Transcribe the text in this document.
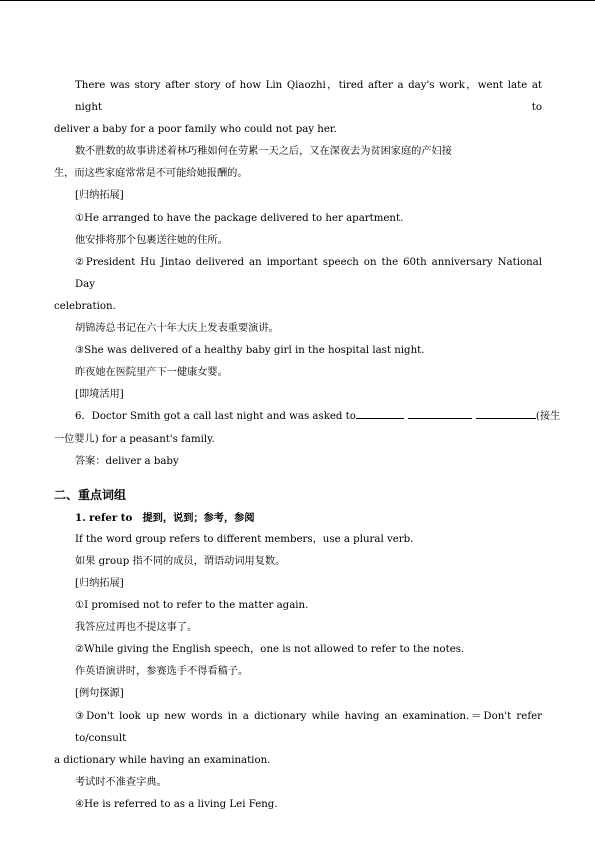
There was story after story of how Lin Qiaozhi，tired after a day's work，went late at night to

deliver a baby for a poor family who could not pay her.

数不胜数的故事讲述着林巧稚如何在劳累一天之后，又在深夜去为贫困家庭的产妇接

生，而这些家庭常常是不可能给她报酬的。

[归纳拓展]

①He arranged to have the package delivered to her apartment.

他安排将那个包裹送往她的住所。

②President Hu Jintao delivered an important speech on the 60th anniversary National Day

celebration.

胡锦涛总书记在六十年大庆上发表重要演讲。

③She was delivered of a healthy baby girl in the hospital last night.

昨夜她在医院里产下一健康女婴。

[即境活用]

6．Doctor Smith got a call last night and was asked to	(接生

一位婴儿) for a peasant's family.

答案：deliver a baby

二、重点词组

1. refer to　提到，说到；参考，参阅

If the word group refers to different members，use a plural verb.

如果 group 指不同的成员，谓语动词用复数。

[归纳拓展]

①I promised not to refer to the matter again.

我答应过再也不提这事了。

②While giving the English speech，one is not allowed to refer to the notes.

作英语演讲时，参赛选手不得看稿子。

[例句探源]

③Don't look up new words in a dictionary while having an examination.＝Don't refer to/consult

a dictionary while having an examination.

考试时不准查字典。

④He is referred to as a living Lei Feng.
